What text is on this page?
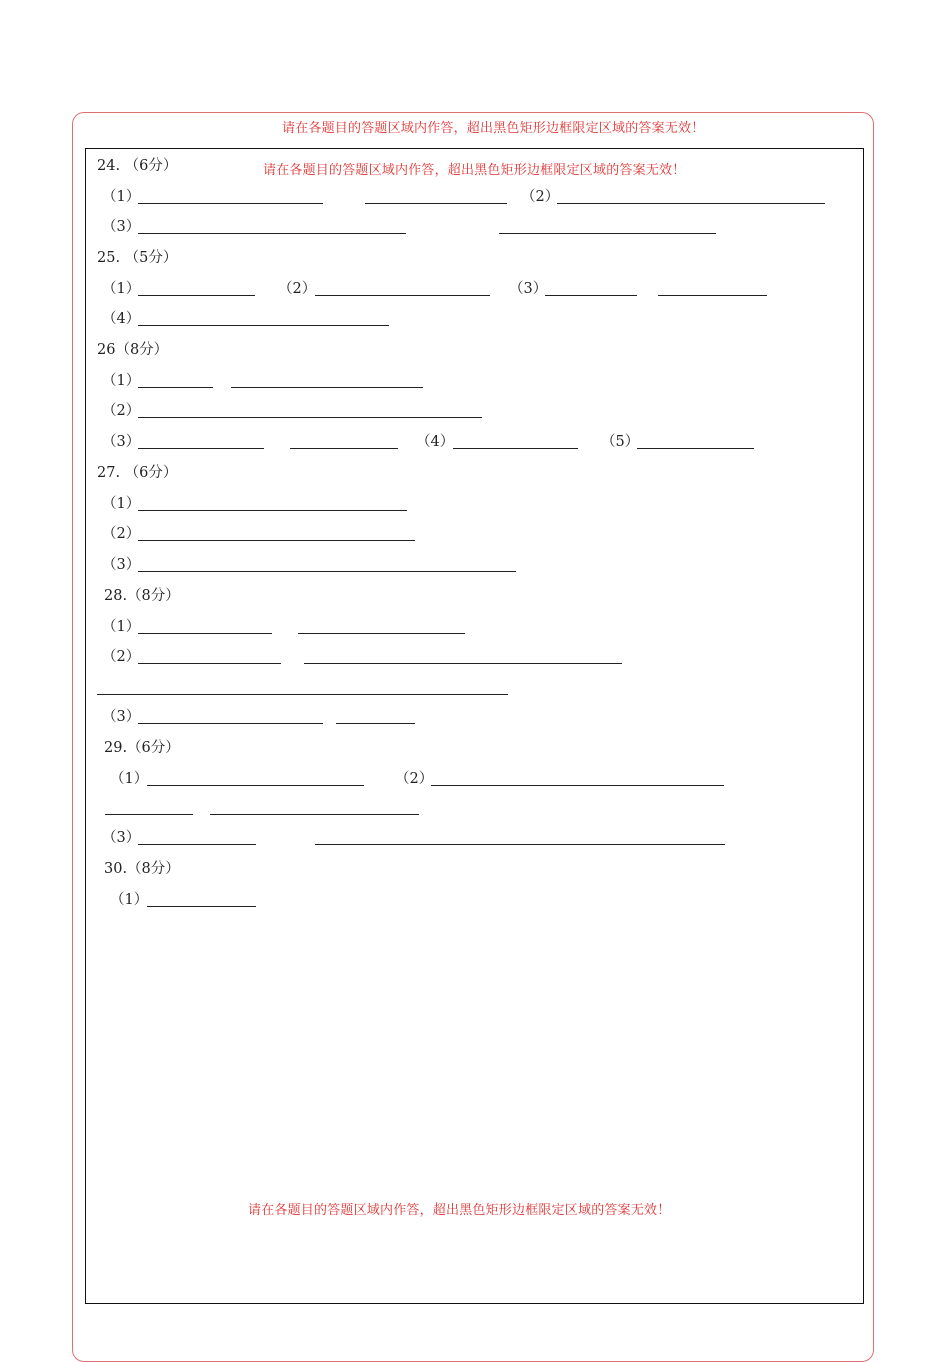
请在各题目的答题区域内作答，超出黑色矩形边框限定区域的答案无效！
请在各题目的答题区域内作答，超出黑色矩形边框限定区域的答案无效！
请在各题目的答题区域内作答，超出黑色矩形边框限定区域的答案无效！
24. （6分）
（1）	（2）
（3）
25. （5分）
（1）	（2）	（3）
（4）
26（8分）
（1）
（2）
（3）	（4）	（5）
27. （6分）
（1）
（2）
（3）
28.（8分）
（1）
（2）
（3）
29.（6分）
（1）	（2）
（3）
30.（8分）
（1）
